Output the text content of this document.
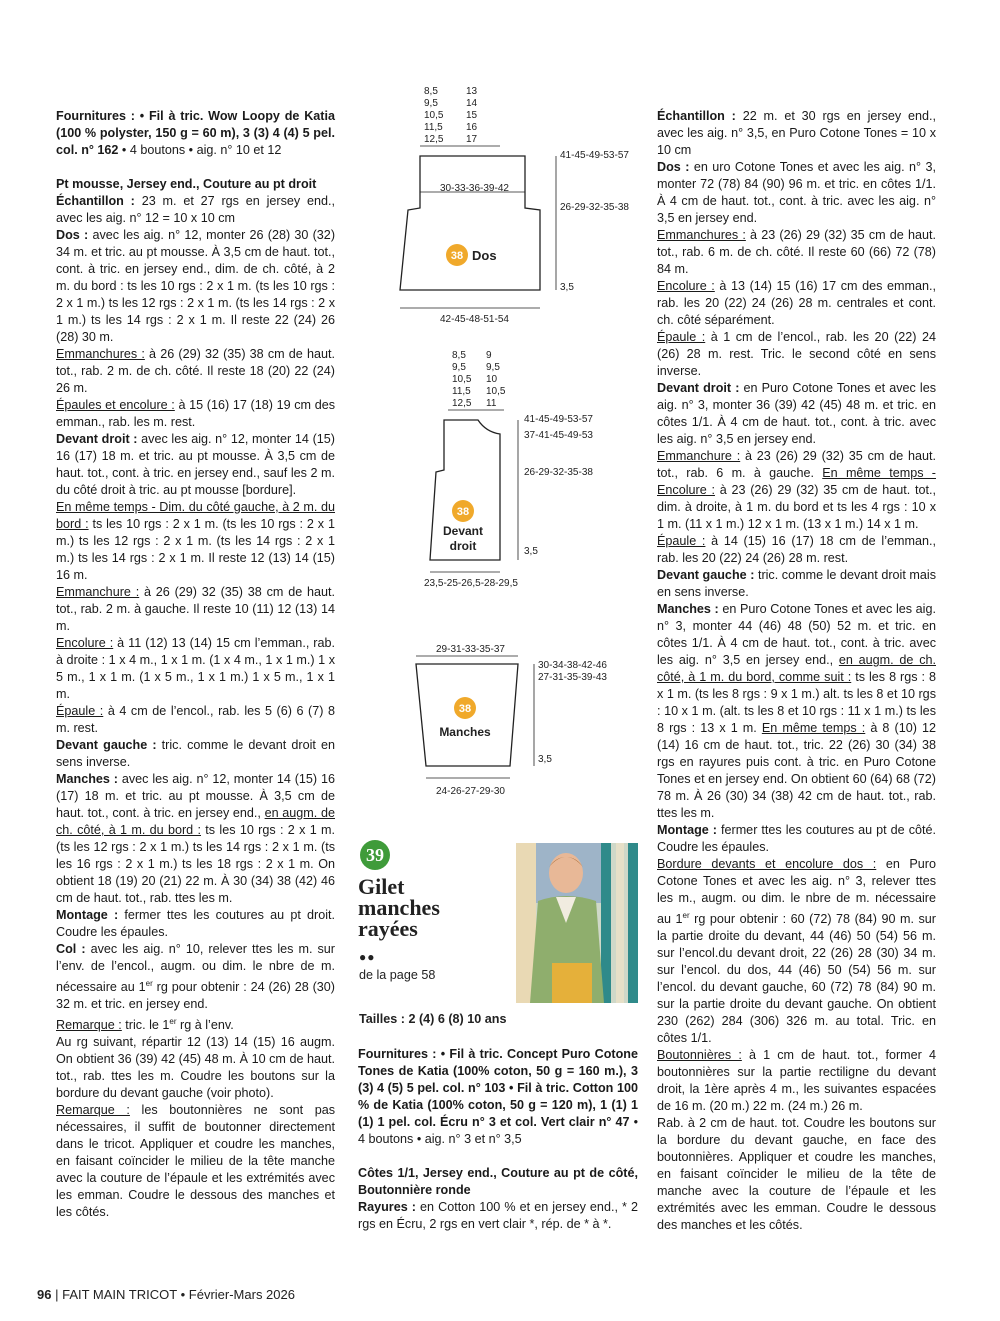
Fournitures : • Fil à tric. Wow Loopy de Katia (100 % polyster, 150 g = 60 m), 3 (3) 4 (4) 5 pel. col. n° 162 • 4 boutons • aig. n° 10 et 12

Pt mousse, Jersey end., Couture au pt droit

Échantillon : 23 m. et 27 rgs en jersey end., avec les aig. n° 12 = 10 x 10 cm

Dos : avec les aig. n° 12, monter 26 (28) 30 (32) 34 m. et tric. au pt mousse. À 3,5 cm de haut. tot., cont. à tric. en jersey end., dim. de ch. côté, à 2 m. du bord : ts les 10 rgs : 2 x 1 m. (ts les 10 rgs : 2 x 1 m.) ts les 12 rgs : 2 x 1 m. (ts les 14 rgs : 2 x 1 m.) ts les 14 rgs : 2 x 1 m. Il reste 22 (24) 26 (28) 30 m.

Emmanchures : à 26 (29) 32 (35) 38 cm de haut. tot., rab. 2 m. de ch. côté. Il reste 18 (20) 22 (24) 26 m.

Épaules et encolure : à 15 (16) 17 (18) 19 cm des emman., rab. les m. rest.

Devant droit : avec les aig. n° 12, monter 14 (15) 16 (17) 18 m. et tric. au pt mousse. À 3,5 cm de haut. tot., cont. à tric. en jersey end., sauf les 2 m. du côté droit à tric. au pt mousse [bordure].

En même temps - Dim. du côté gauche, à 2 m. du bord : ts les 10 rgs : 2 x 1 m. (ts les 10 rgs : 2 x 1 m.) ts les 12 rgs : 2 x 1 m. (ts les 14 rgs : 2 x 1 m.) ts les 14 rgs : 2 x 1 m. Il reste 12 (13) 14 (15) 16 m.

Emmanchure : à 26 (29) 32 (35) 38 cm de haut. tot., rab. 2 m. à gauche. Il reste 10 (11) 12 (13) 14 m.

Encolure : à 11 (12) 13 (14) 15 cm l’emman., rab. à droite : 1 x 4 m., 1 x 1 m. (1 x 4 m., 1 x 1 m.) 1 x 5 m., 1 x 1 m. (1 x 5 m., 1 x 1 m.) 1 x 5 m., 1 x 1 m.

Épaule : à 4 cm de l’encol., rab. les 5 (6) 6 (7) 8 m. rest.

Devant gauche : tric. comme le devant droit en sens inverse.

Manches : avec les aig. n° 12, monter 14 (15) 16 (17) 18 m. et tric. au pt mousse. À 3,5 cm de haut. tot., cont. à tric. en jersey end., en augm. de ch. côté, à 1 m. du bord : ts les 10 rgs : 2 x 1 m. (ts les 12 rgs : 2 x 1 m.) ts les 14 rgs : 2 x 1 m. (ts les 16 rgs : 2 x 1 m.) ts les 18 rgs : 2 x 1 m. On obtient 18 (19) 20 (21) 22 m. À 30 (34) 38 (42) 46 cm de haut. tot., rab. ttes les m.

Montage : fermer ttes les coutures au pt droit. Coudre les épaules.

Col : avec les aig. n° 10, relever ttes les m. sur l’env. de l’encol., augm. ou dim. le nbre de m. nécessaire au 1er rg pour obtenir : 24 (26) 28 (30) 32 m. et tric. en jersey end.

Remarque : tric. le 1er rg à l’env.

Au rg suivant, répartir 12 (13) 14 (15) 16 augm. On obtient 36 (39) 42 (45) 48 m. À 10 cm de haut. tot., rab. ttes les m. Coudre les boutons sur la bordure du devant gauche (voir photo).

Remarque : les boutonnières ne sont pas nécessaires, il suffit de boutonner directement dans le tricot. Appliquer et coudre les manches, en faisant coïncider le milieu de la tête manche avec la couture de l’épaule et les extrémités avec les emman. Coudre le dessous des manches et les côtés.

Échantillon : 22 m. et 30 rgs en jersey end., avec les aig. n° 3,5, en Puro Cotone Tones = 10 x 10 cm

Dos : en uro Cotone Tones et avec les aig. n° 3, monter 72 (78) 84 (90) 96 m. et tric. en côtes 1/1. À 4 cm de haut. tot., cont. à tric. avec les aig. n° 3,5 en jersey end.

Emmanchures : à 23 (26) 29 (32) 35 cm de haut. tot., rab. 6 m. de ch. côté. Il reste 60 (66) 72 (78) 84 m.

Encolure : à 13 (14) 15 (16) 17 cm des emman., rab. les 20 (22) 24 (26) 28 m. centrales et cont. ch. côté séparément.

Épaule : à 1 cm de l’encol., rab. les 20 (22) 24 (26) 28 m. rest. Tric. le second côté en sens inverse.

Devant droit : en Puro Cotone Tones et avec les aig. n° 3, monter 36 (39) 42 (45) 48 m. et tric. en côtes 1/1. À 4 cm de haut. tot., cont. à tric. avec les aig. n° 3,5 en jersey end.

Emmanchure : à 23 (26) 29 (32) 35 cm de haut. tot., rab. 6 m. à gauche. En même temps - Encolure : à 23 (26) 29 (32) 35 cm de haut. tot., dim. à droite, à 1 m. du bord et ts les 4 rgs : 10 x 1 m. (11 x 1 m.) 12 x 1 m. (13 x 1 m.) 14 x 1 m.

Épaule : à 14 (15) 16 (17) 18 cm de l’emman., rab. les 20 (22) 24 (26) 28 m. rest.

Devant gauche : tric. comme le devant droit mais en sens inverse.

Manches : en Puro Cotone Tones et avec les aig. n° 3, monter 44 (46) 48 (50) 52 m. et tric. en côtes 1/1. À 4 cm de haut. tot., cont. à tric. avec les aig. n° 3,5 en jersey end., en augm. de ch. côté, à 1 m. du bord, comme suit : ts les 8 rgs : 8 x 1 m. (ts les 8 rgs : 9 x 1 m.) alt. ts les 8 et 10 rgs : 10 x 1 m. (alt. ts les 8 et 10 rgs : 11 x 1 m.) ts les 8 rgs : 13 x 1 m. En même temps : à 8 (10) 12 (14) 16 cm de haut. tot., tric. 22 (26) 30 (34) 38 rgs en rayures puis cont. à tric. en Puro Cotone Tones et en jersey end. On obtient 60 (64) 68 (72) 78 m. À 26 (30) 34 (38) 42 cm de haut. tot., rab. ttes les m.

Montage : fermer ttes les coutures au pt de côté. Coudre les épaules.

Bordure devants et encolure dos : en Puro Cotone Tones et avec les aig. n° 3, relever ttes les m., augm. ou dim. le nbre de m. nécessaire au 1er rg pour obtenir : 60 (72) 78 (84) 90 m. sur la partie droite du devant, 44 (46) 50 (54) 56 m. sur l’encol.du devant droit, 22 (26) 28 (30) 34 m. sur l’encol. du dos, 44 (46) 50 (54) 56 m. sur l’encol. du devant gauche, 60 (72) 78 (84) 90 m. sur la partie droite du devant gauche. On obtient 230 (262) 284 (306) 326 m. au total. Tric. en côtes 1/1.

Boutonnières : à 1 cm de haut. tot., former 4 boutonnières sur la partie rectiligne du devant droit, la 1ère après 4 m., les suivantes espacées de 16 m. (20 m.) 22 m. (24 m.) 26 m.

Rab. à 2 cm de haut. tot. Coudre les boutons sur la bordure du devant gauche, en face des boutonnières. Appliquer et coudre les manches, en faisant coïncider le milieu de la tête de manche avec la couture de l’épaule et les extrémités avec les emman. Coudre le dessous des manches et les côtés.

8,5
9,5
10,5
11,5
12,5
13
14
15
16
17
30-33-36-39-42
41-45-49-53-57
26-29-32-35-38
3,5
42-45-48-51-54
38 Dos
8,5
9,5
10,5
11,5
12,5
9
9,5
10
10,5
11
41-45-49-53-57
37-41-45-49-53
26-29-32-35-38
3,5
23,5-25-26,5-28-29,5
38
Devant
droit
29-31-33-35-37
30-34-38-42-46
27-31-35-39-43
3,5
24-26-27-29-30
38
Manches
39
Gilet
manches
rayées
●●
de la page 58
Tailles : 2 (4) 6 (8) 10 ans

Fournitures : • Fil à tric. Concept Puro Cotone Tones de Katia (100% coton, 50 g = 160 m.), 3 (3) 4 (5) 5 pel. col. n° 103 • Fil à tric. Cotton 100 % de Katia (100% coton, 50 g = 120 m), 1 (1) 1 (1) 1 pel. col. Écru n° 3 et col. Vert clair n° 47 • 4 boutons • aig. n° 3 et n° 3,5

Côtes 1/1, Jersey end., Couture au pt de côté, Boutonnière ronde

Rayures : en Cotton 100 % et en jersey end., * 2 rgs en Écru, 2 rgs en vert clair *, rép. de * à *.

96 | FAIT MAIN TRICOT • Février-Mars 2026
